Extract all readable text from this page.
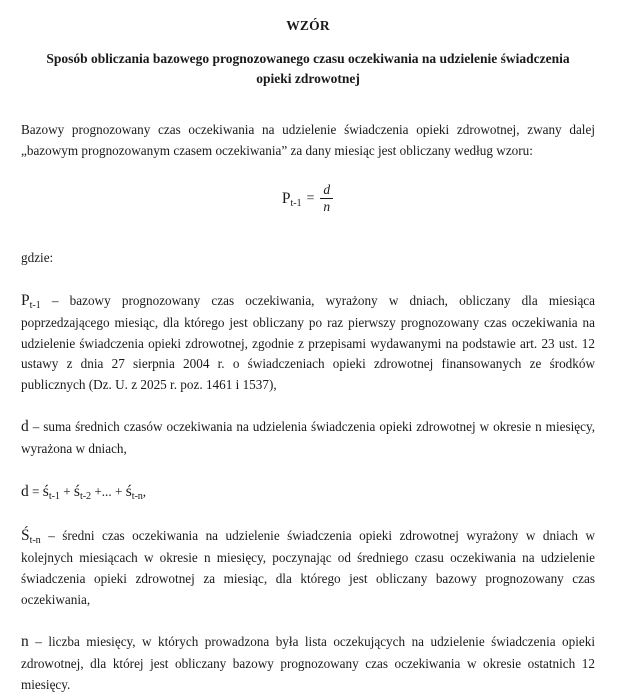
WZÓR
Sposób obliczania bazowego prognozowanego czasu oczekiwania na udzielenie świadczenia opieki zdrowotnej

Bazowy prognozowany czas oczekiwania na udzielenie świadczenia opieki zdrowotnej, zwany dalej „bazowym prognozowanym czasem oczekiwania” za dany miesiąc jest obliczany według wzoru:

$P_{t-1} = \frac{d}{n}$

gdzie:

$P_{t-1}$ – bazowy prognozowany czas oczekiwania, wyrażony w dniach, obliczany dla miesiąca poprzedzającego miesiąc, dla którego jest obliczany po raz pierwszy prognozowany czas oczekiwania na udzielenie świadczenia opieki zdrowotnej, zgodnie z przepisami wydawanymi na podstawie art. 23 ust. 12 ustawy z dnia 27 sierpnia 2004 r. o świadczeniach opieki zdrowotnej finansowanych ze środków publicznych (Dz. U. z 2025 r. poz. 1461 i 1537),

d – suma średnich czasów oczekiwania na udzielenia świadczenia opieki zdrowotnej w okresie n miesięcy, wyrażona w dniach,

$d = ś_{t-1}$ + $ś_{t-2}$ +... + $ś_{t-n}$,

$Ś_{t-n}$ – średni czas oczekiwania na udzielenie świadczenia opieki zdrowotnej wyrażony w dniach w kolejnych miesiącach w okresie n miesięcy, poczynając od średniego czasu oczekiwania na udzielenie świadczenia opieki zdrowotnej za miesiąc, dla którego jest obliczany bazowy prognozowany czas oczekiwania,

n – liczba miesięcy, w których prowadzona była lista oczekujących na udzielenie świadczenia opieki zdrowotnej, dla której jest obliczany bazowy prognozowany czas oczekiwania w okresie ostatnich 12 miesięcy.
